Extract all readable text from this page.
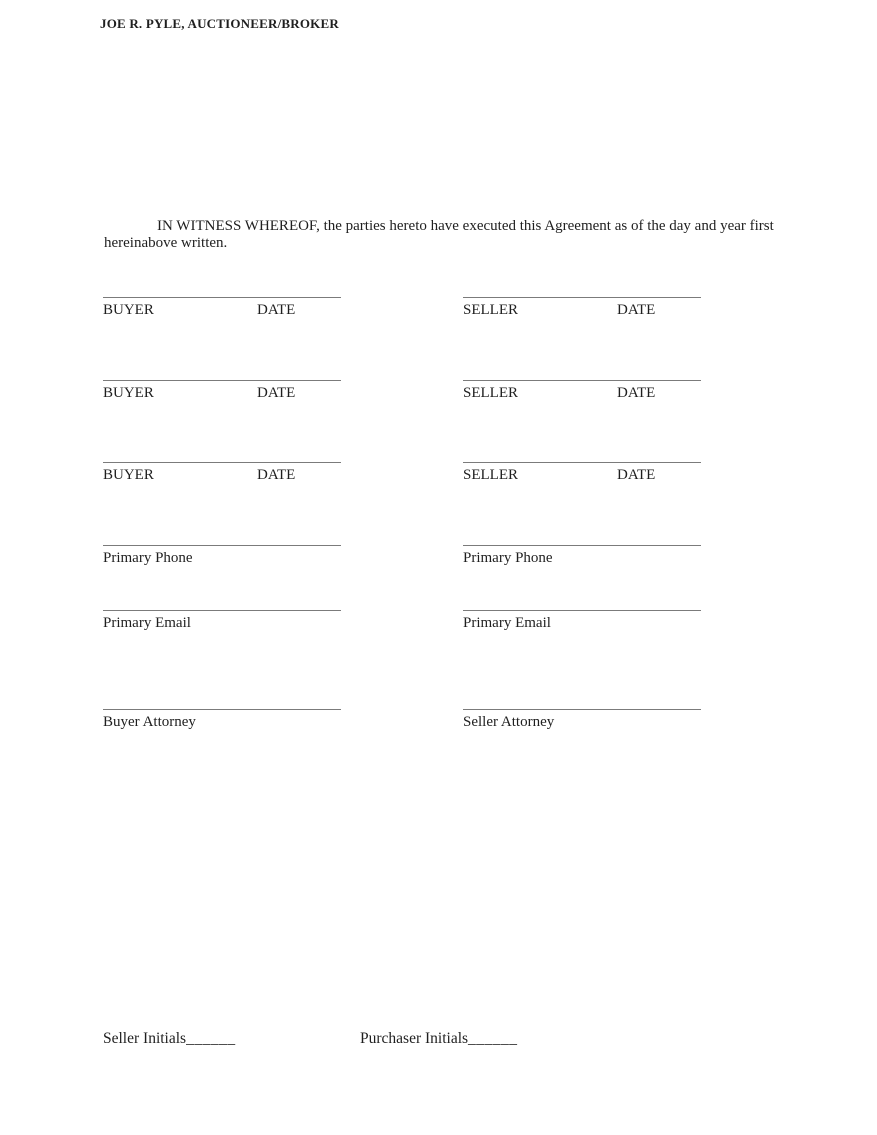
JOE R. PYLE, AUCTIONEER/BROKER
IN WITNESS WHEREOF, the parties hereto have executed this Agreement as of the day and year first hereinabove written.
BUYER	DATE	SELLER	DATE
BUYER	DATE	SELLER	DATE
BUYER	DATE	SELLER	DATE
Primary Phone	Primary Phone
Primary Email	Primary Email
Buyer Attorney	Seller Attorney
Seller Initials______	Purchaser Initials______
